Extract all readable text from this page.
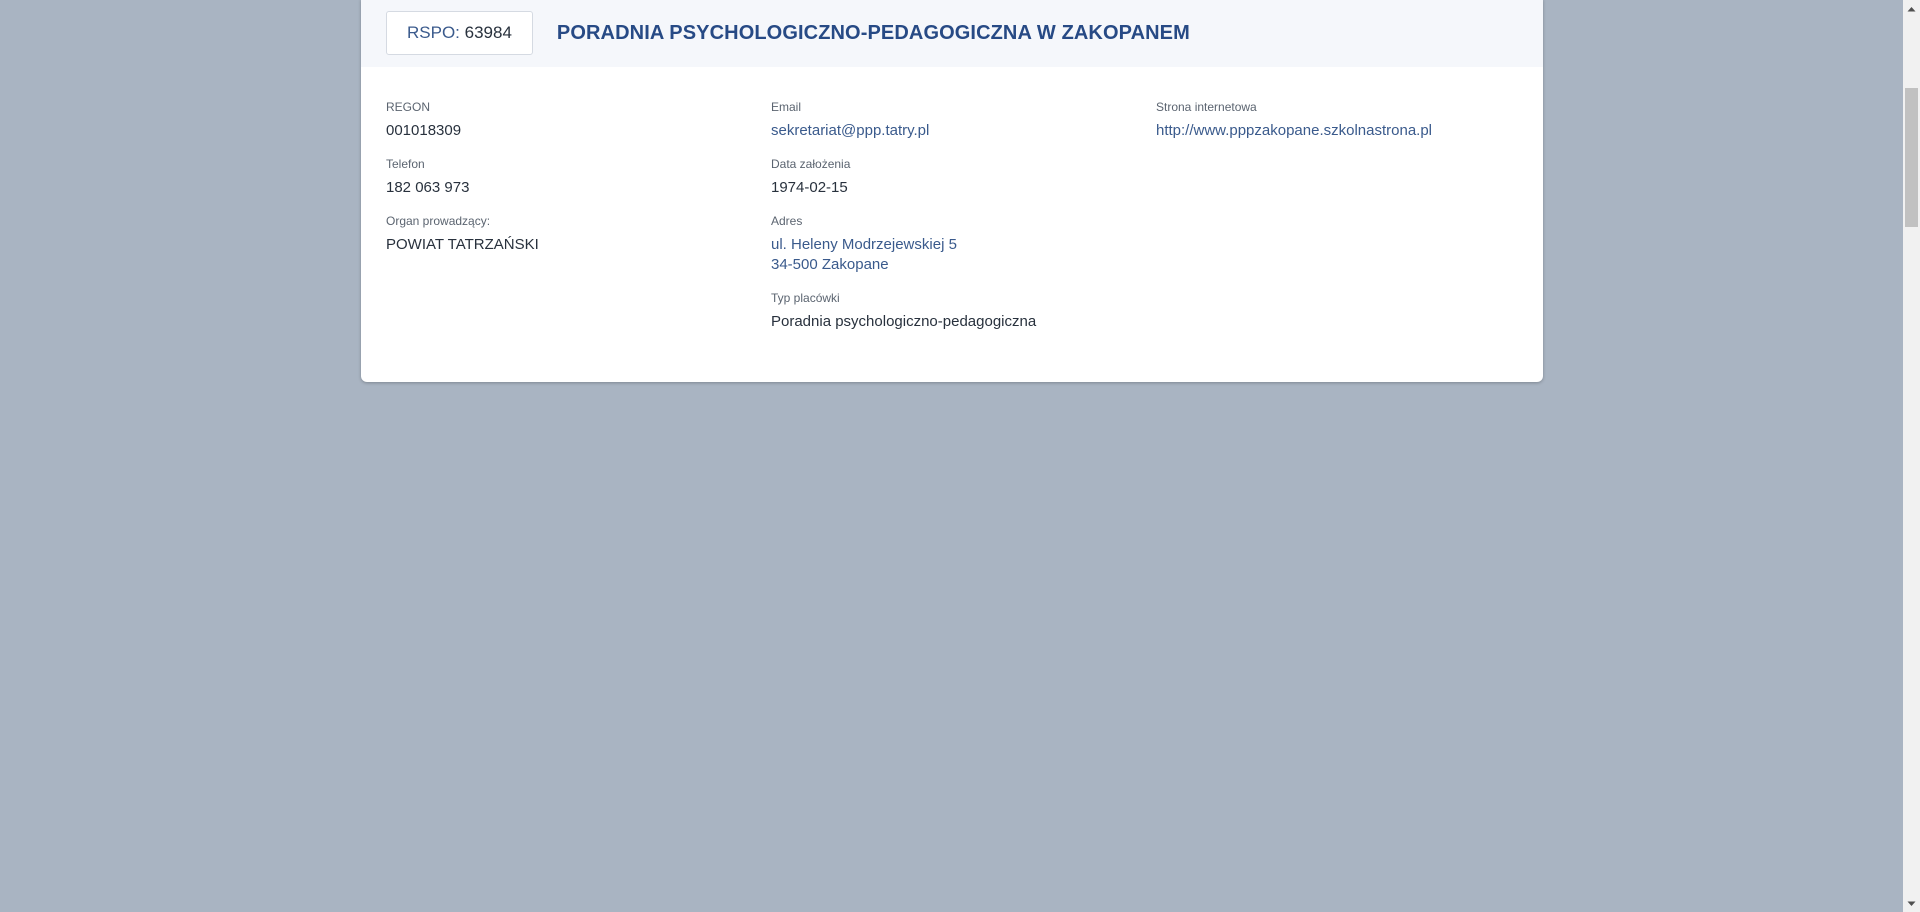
RSPO:
63984 PORADNIA PSYCHOLOGICZNO-PEDAGOGICZNA W ZAKOPANEM
REGON
001018309
Telefon
182 063 973
Organ prowadzący:
POWIAT TATRZAŃSKI
Email
sekretariat@ppp.tatry.pl
Data założenia
1974-02-15
Adres
ul. Heleny Modrzejewskiej 5
34-500 Zakopane
Typ placówki
Poradnia psychologiczno-pedagogiczna
Strona internetowa
http://www.pppzakopane.szkolnastrona.pl
